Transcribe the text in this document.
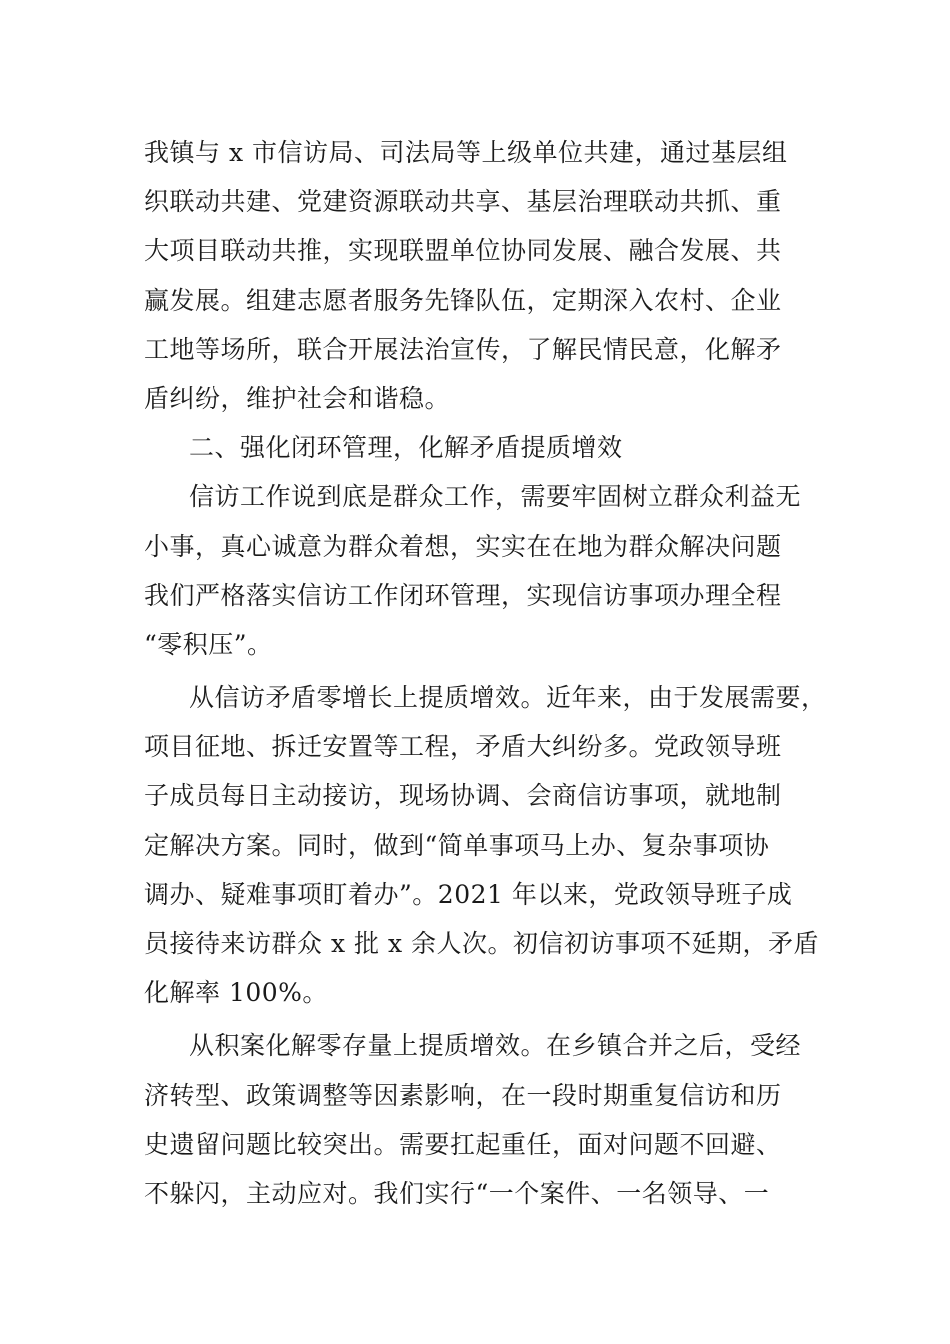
我镇与 x 市信访局、司法局等上级单位共建，通过基层组
织联动共建、党建资源联动共享、基层治理联动共抓、重
大项目联动共推，实现联盟单位协同发展、融合发展、共
赢发展。组建志愿者服务先锋队伍，定期深入农村、企业
工地等场所，联合开展法治宣传，了解民情民意，化解矛
盾纠纷，维护社会和谐稳。
二、强化闭环管理，化解矛盾提质增效
信访工作说到底是群众工作，需要牢固树立群众利益无
小事，真心诚意为群众着想，实实在在地为群众解决问题
我们严格落实信访工作闭环管理，实现信访事项办理全程
“零积压”。
从信访矛盾零增长上提质增效。近年来，由于发展需要，
项目征地、拆迁安置等工程，矛盾大纠纷多。党政领导班
子成员每日主动接访，现场协调、会商信访事项，就地制
定解决方案。同时，做到“简单事项马上办、复杂事项协
调办、疑难事项盯着办”。2021 年以来，党政领导班子成
员接待来访群众 x 批 x 余人次。初信初访事项不延期，矛盾
化解率 100%。
从积案化解零存量上提质增效。在乡镇合并之后，受经
济转型、政策调整等因素影响，在一段时期重复信访和历
史遗留问题比较突出。需要扛起重任，面对问题不回避、
不躲闪，主动应对。我们实行“一个案件、一名领导、一
